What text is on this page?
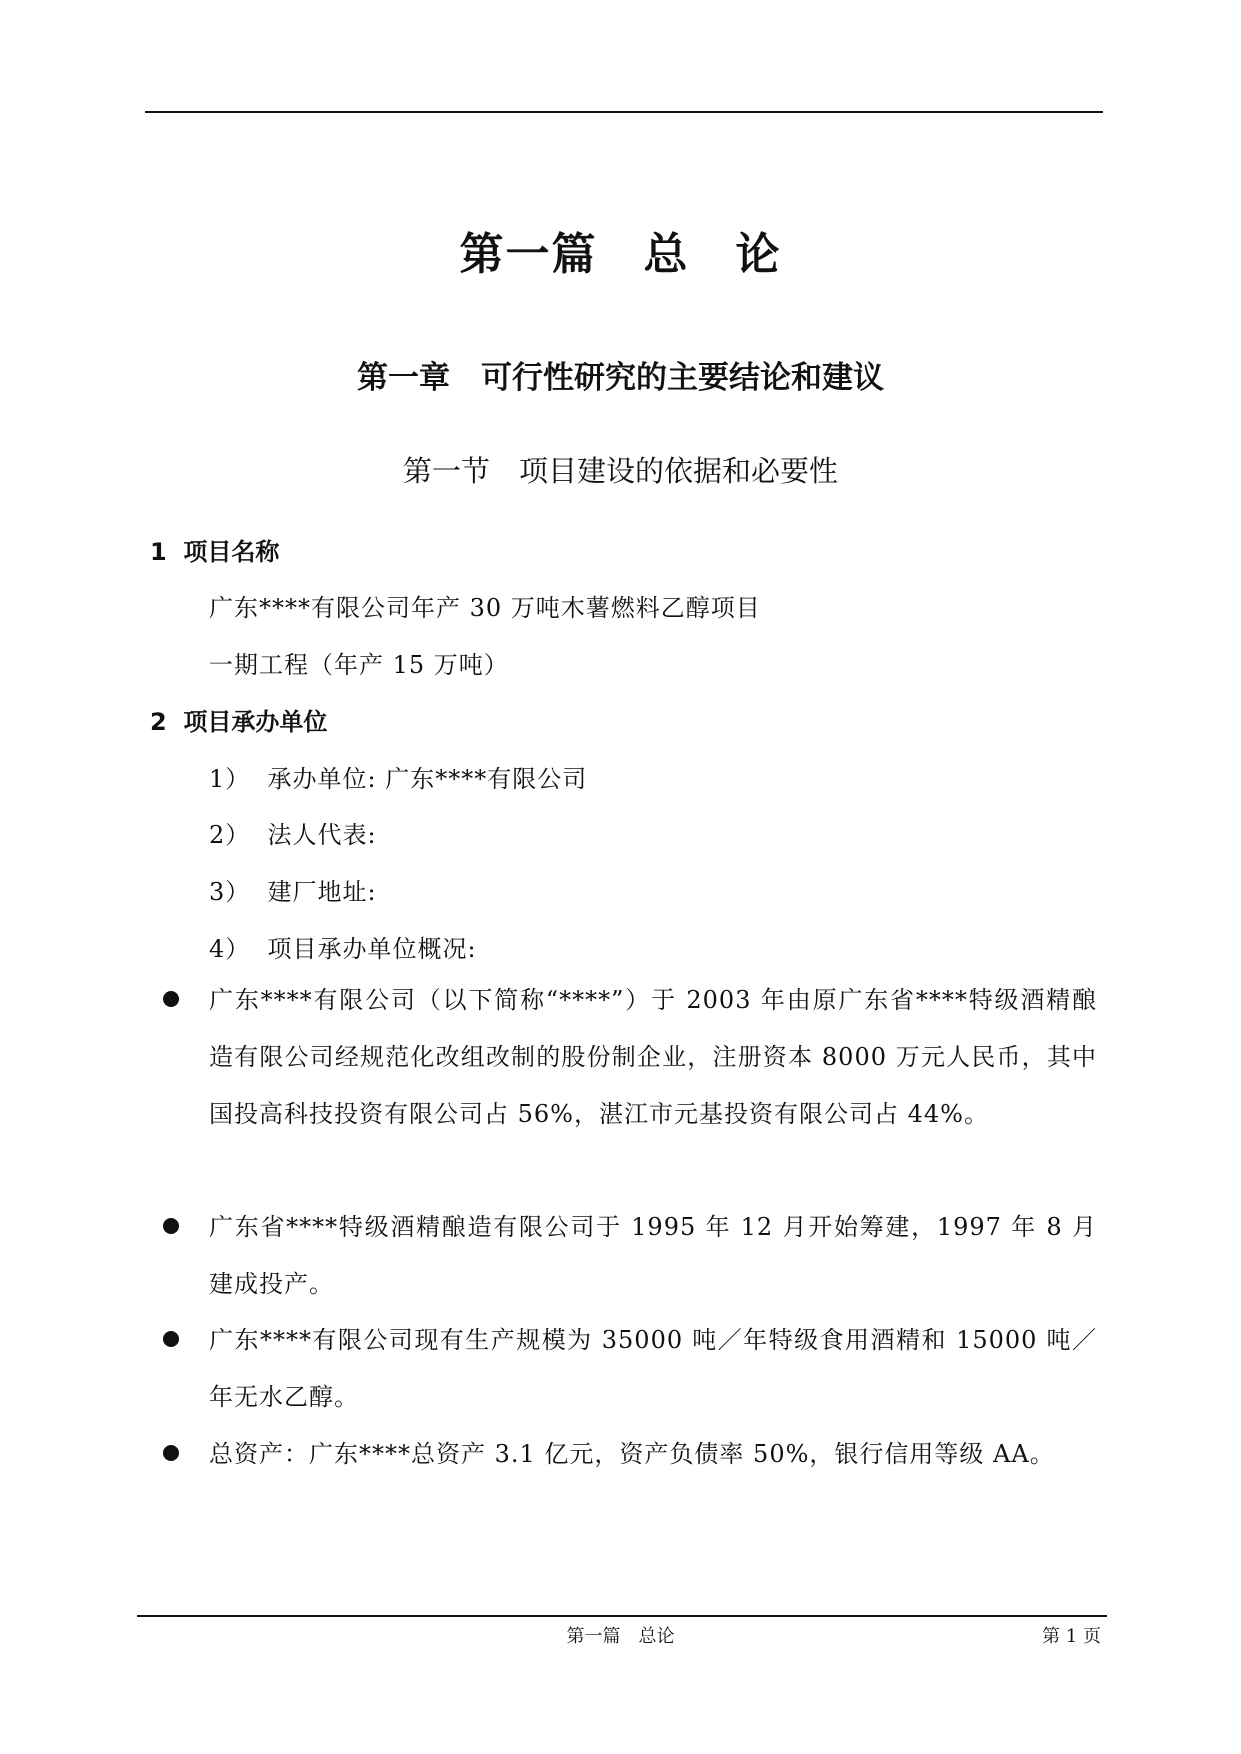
第一篇　总　论
第一章　可行性研究的主要结论和建议
第一节　项目建设的依据和必要性
1  项目名称
广东****有限公司年产 30 万吨木薯燃料乙醇项目
一期工程（年产 15 万吨）
2  项目承办单位
1）  承办单位: 广东****有限公司
2）  法人代表:
3）  建厂地址:
4）  项目承办单位概况:
广东****有限公司（以下简称“****”）于 2003 年由原广东省****特级酒精酿造有限公司经规范化改组改制的股份制企业，注册资本 8000 万元人民币，其中国投高科技投资有限公司占 56%，湛江市元基投资有限公司占 44%。
广东省****特级酒精酿造有限公司于 1995 年 12 月开始筹建，1997 年 8 月建成投产。
广东****有限公司现有生产规模为 35000 吨／年特级食用酒精和 15000 吨／年无水乙醇。
总资产：广东****总资产 3.1 亿元，资产负债率 50%，银行信用等级 AA。
第一篇　总论	第 1 页
